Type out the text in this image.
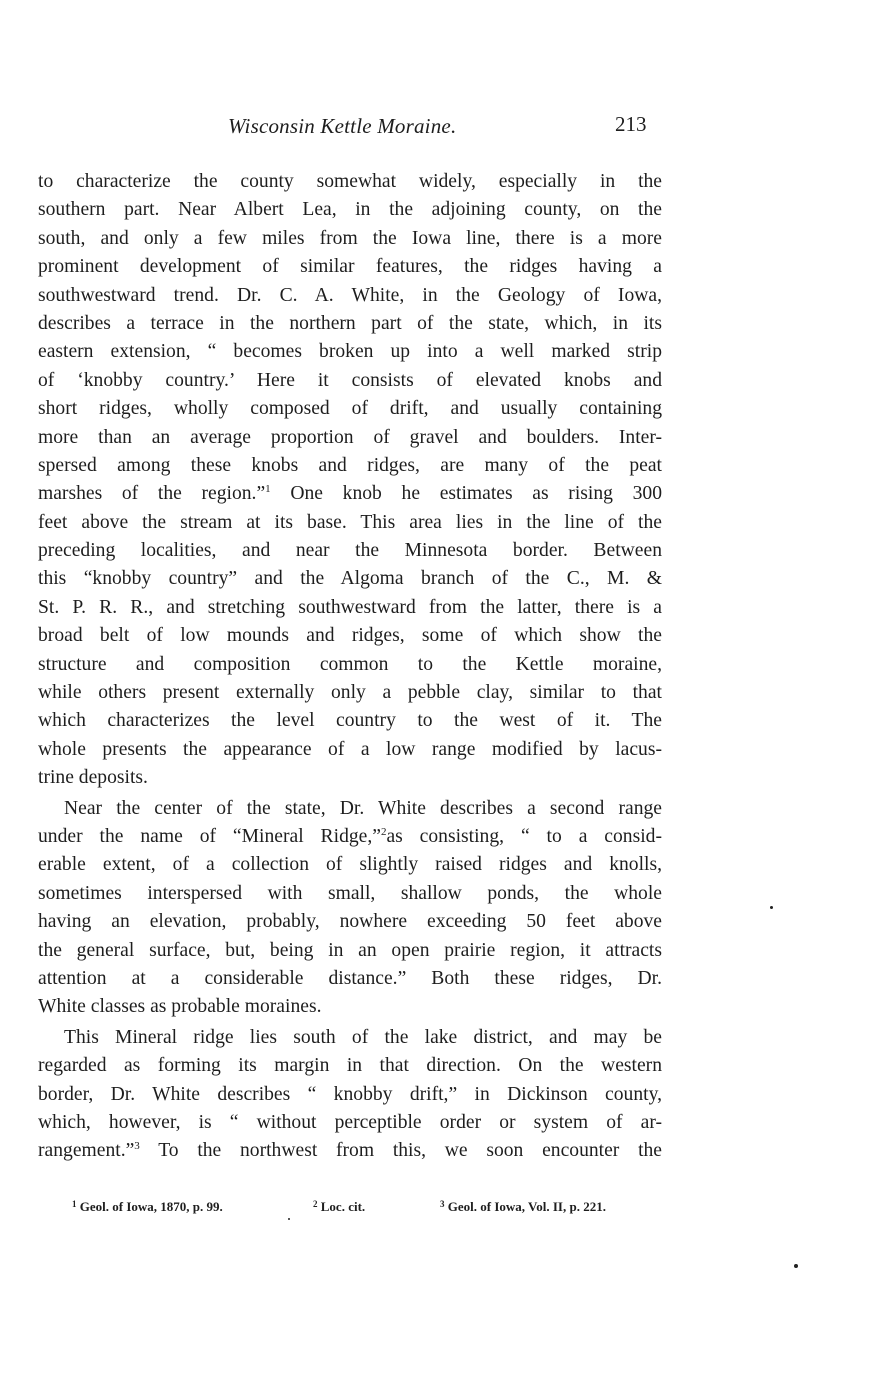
Wisconsin Kettle Moraine.	213
to characterize the county somewhat widely, especially in the
southern part. Near Albert Lea, in the adjoining county, on the
south, and only a few miles from the Iowa line, there is a more
prominent development of similar features, the ridges having a
southwestward trend. Dr. C. A. White, in the Geology of Iowa,
describes a terrace in the northern part of the state, which, in its
eastern extension, “ becomes broken up into a well marked strip
of ‘knobby country.’ Here it consists of elevated knobs and
short ridges, wholly composed of drift, and usually containing
more than an average proportion of gravel and boulders. Inter-
spersed among these knobs and ridges, are many of the peat
marshes of the region.”$^1$ One knob he estimates as rising 300
feet above the stream at its base. This area lies in the line of the
preceding localities, and near the Minnesota border. Between
this “knobby country” and the Algoma branch of the C., M. &
St. P. R. R., and stretching southwestward from the latter, there is a
broad belt of low mounds and ridges, some of which show the
structure and composition common to the Kettle moraine,
while others present externally only a pebble clay, similar to that
which characterizes the level country to the west of it. The
whole presents the appearance of a low range modified by lacus-
trine deposits.
Near the center of the state, Dr. White describes a second range
under the name of “Mineral Ridge,”$^2$as consisting, “ to a consid-
erable extent, of a collection of slightly raised ridges and knolls,
sometimes interspersed with small, shallow ponds, the whole
having an elevation, probably, nowhere exceeding 50 feet above
the general surface, but, being in an open prairie region, it attracts
attention at a considerable distance.” Both these ridges, Dr.
White classes as probable moraines.
This Mineral ridge lies south of the lake district, and may be
regarded as forming its margin in that direction. On the western
border, Dr. White describes “ knobby drift,” in Dickinson county,
which, however, is “ without perceptible order or system of ar-
rangement.”$^3$ To the northwest from this, we soon encounter the
$^1$ Geol. of Iowa, 1870, p. 99.	$^2$ Loc. cit.	$^3$ Geol. of Iowa, Vol. II, p. 221.
